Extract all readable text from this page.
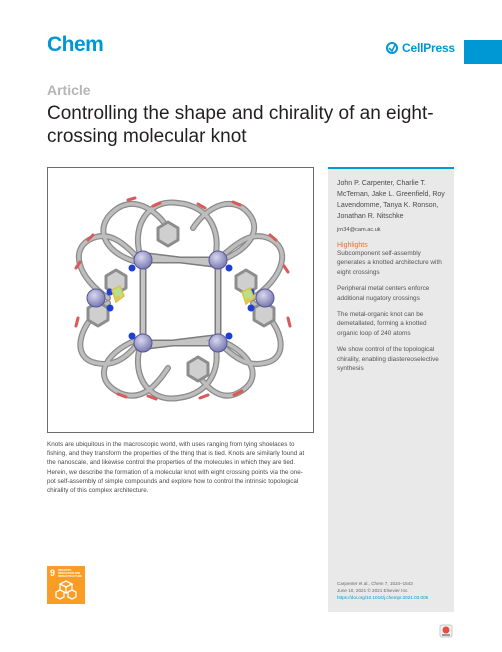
Chem	CellPress
Article
Controlling the shape and chirality of an eight-crossing molecular knot
Knots are ubiquitous in the macroscopic world, with uses ranging from tying shoelaces to fishing, and they transform the properties of the thing that is tied. Knots are similarly found at the nanoscale, and likewise control the properties of the molecules in which they are tied. Herein, we describe the formation of a molecular knot with eight crossing points via the one-pot self-assembly of simple compounds and explore how to control the intrinsic topological chirality of this complex architecture.
John P. Carpenter, Charlie T. McTernan, Jake L. Greenfield, Roy Lavendomme, Tanya K. Ronson, Jonathan R. Nitschke
jrn34@cam.ac.uk
Highlights
Subcomponent self-assembly generates a knotted architecture with eight crossings
Peripheral metal centers enforce additional nugatory crossings
The metal-organic knot can be demetallated, forming a knotted organic loop of 240 atoms
We show control of the topological chirality, enabling diastereoselective synthesis
Carpenter et al., Chem 7, 1534–1543
June 10, 2021 © 2021 Elsevier Inc.
https://doi.org/10.1016/j.chempr.2021.03.005
9 INDUSTRY, INNOVATION AND INFRASTRUCTURE
